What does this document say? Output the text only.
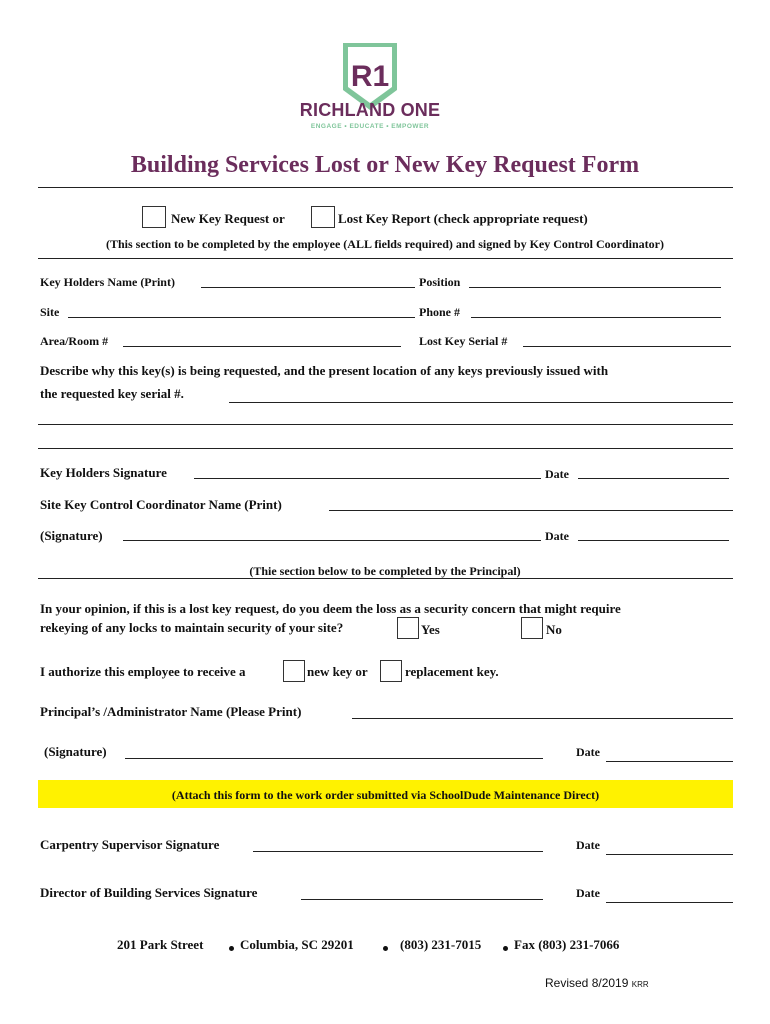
R1
RICHLAND ONE
ENGAGE • EDUCATE • EMPOWER
Building Services Lost or New Key Request Form
New Key Request or	Lost Key Report (check appropriate request)
(This section to be completed by the employee (ALL fields required) and signed by Key Control Coordinator)
Key Holders Name (Print)	Position
Site	Phone #
Area/Room #	Lost Key Serial #
Describe why this key(s) is being requested, and the present location of any keys previously issued with
the requested key serial #.
Key Holders Signature	Date
Site Key Control Coordinator Name (Print)
(Signature)	Date
(Thie section below to be completed by the Principal)
In your opinion, if this is a lost key request, do you deem the loss as a security concern that might require
rekeying of any locks to maintain security of your site?	Yes	No
I authorize this employee to receive a	new key or	replacement key.
Principal’s /Administrator Name (Please Print)
(Signature)	Date
(Attach this form to the work order submitted via SchoolDude Maintenance Direct)
Carpentry Supervisor Signature	Date
Director of Building Services Signature	Date
201 Park Street	Columbia, SC 29201	(803) 231-7015	Fax (803) 231-7066
Revised 8/2019 KRR
